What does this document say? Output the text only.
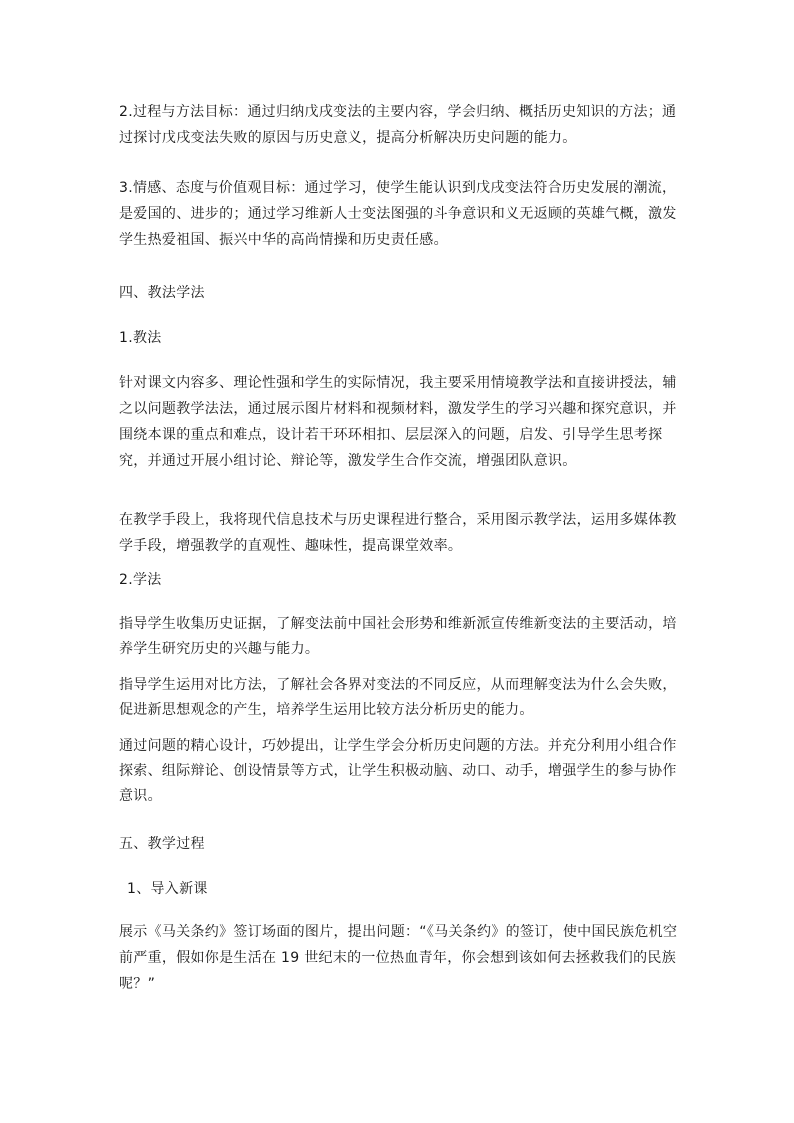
2.过程与方法目标：通过归纳戊戌变法的主要内容，学会归纳、概括历史知识的方法；通过探讨戊戌变法失败的原因与历史意义，提高分析解决历史问题的能力。

3.情感、态度与价值观目标：通过学习，使学生能认识到戊戌变法符合历史发展的潮流，是爱国的、进步的；通过学习维新人士变法图强的斗争意识和义无返顾的英雄气概，激发学生热爱祖国、振兴中华的高尚情操和历史责任感。

四、教法学法

1.教法

针对课文内容多、理论性强和学生的实际情况，我主要采用情境教学法和直接讲授法，辅之以问题教学法法，通过展示图片材料和视频材料，激发学生的学习兴趣和探究意识，并围绕本课的重点和难点，设计若干环环相扣、层层深入的问题，启发、引导学生思考探究，并通过开展小组讨论、辩论等，激发学生合作交流，增强团队意识。

在教学手段上，我将现代信息技术与历史课程进行整合，采用图示教学法，运用多媒体教学手段，增强教学的直观性、趣味性，提高课堂效率。

2.学法

指导学生收集历史证据，了解变法前中国社会形势和维新派宣传维新变法的主要活动，培养学生研究历史的兴趣与能力。

指导学生运用对比方法，了解社会各界对变法的不同反应，从而理解变法为什么会失败，促进新思想观念的产生，培养学生运用比较方法分析历史的能力。

通过问题的精心设计，巧妙提出，让学生学会分析历史问题的方法。并充分利用小组合作探索、组际辩论、创设情景等方式，让学生积极动脑、动口、动手，增强学生的参与协作意识。

五、教学过程

1、导入新课

展示《马关条约》签订场面的图片，提出问题：“《马关条约》的签订，使中国民族危机空前严重，假如你是生活在 19 世纪末的一位热血青年，你会想到该如何去拯救我们的民族呢？”
